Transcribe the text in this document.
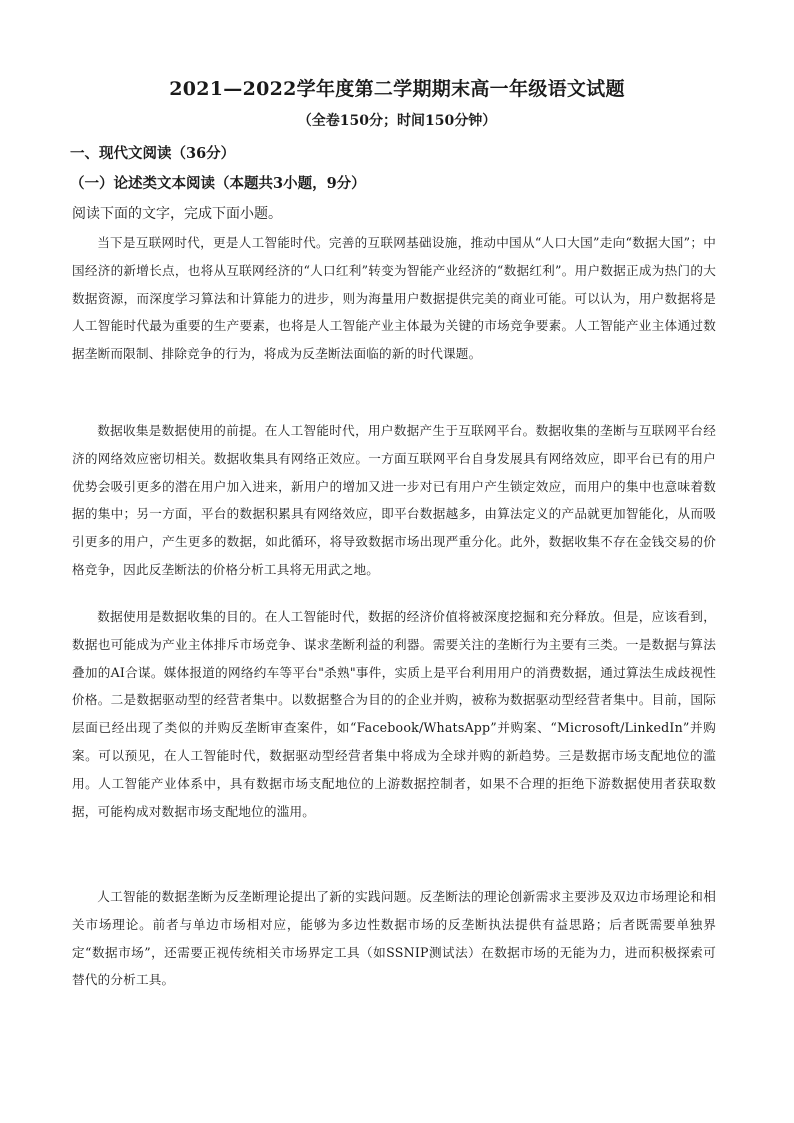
2021—2022学年度第二学期期末高一年级语文试题
（全卷150分；时间150分钟）
一、现代文阅读（36分）
（一）论述类文本阅读（本题共3小题，9分）
阅读下面的文字，完成下面小题。
当下是互联网时代，更是人工智能时代。完善的互联网基础设施，推动中国从“人口大国”走向“数据大国”；中国经济的新增长点，也将从互联网经济的“人口红利”转变为智能产业经济的“数据红利”。用户数据正成为热门的大数据资源，而深度学习算法和计算能力的进步，则为海量用户数据提供完美的商业可能。可以认为，用户数据将是人工智能时代最为重要的生产要素，也将是人工智能产业主体最为关键的市场竞争要素。人工智能产业主体通过数据垄断而限制、排除竞争的行为，将成为反垄断法面临的新的时代课题。
数据收集是数据使用的前提。在人工智能时代，用户数据产生于互联网平台。数据收集的垄断与互联网平台经济的网络效应密切相关。数据收集具有网络正效应。一方面互联网平台自身发展具有网络效应，即平台已有的用户优势会吸引更多的潜在用户加入进来，新用户的增加又进一步对已有用户产生锁定效应，而用户的集中也意味着数据的集中；另一方面，平台的数据积累具有网络效应，即平台数据越多，由算法定义的产品就更加智能化，从而吸引更多的用户，产生更多的数据，如此循环，将导致数据市场出现严重分化。此外，数据收集不存在金钱交易的价格竞争，因此反垄断法的价格分析工具将无用武之地。
数据使用是数据收集的目的。在人工智能时代，数据的经济价值将被深度挖掘和充分释放。但是，应该看到，数据也可能成为产业主体排斥市场竞争、谋求垄断利益的利器。需要关注的垄断行为主要有三类。一是数据与算法叠加的AI合谋。媒体报道的网络约车等平台"杀熟"事件，实质上是平台利用用户的消费数据，通过算法生成歧视性价格。二是数据驱动型的经营者集中。以数据整合为目的的企业并购，被称为数据驱动型经营者集中。目前，国际层面已经出现了类似的并购反垄断审查案件，如“Facebook/WhatsApp”并购案、“Microsoft/LinkedIn”并购案。可以预见，在人工智能时代，数据驱动型经营者集中将成为全球并购的新趋势。三是数据市场支配地位的滥用。人工智能产业体系中，具有数据市场支配地位的上游数据控制者，如果不合理的拒绝下游数据使用者获取数据，可能构成对数据市场支配地位的滥用。
人工智能的数据垄断为反垄断理论提出了新的实践问题。反垄断法的理论创新需求主要涉及双边市场理论和相关市场理论。前者与单边市场相对应，能够为多边性数据市场的反垄断执法提供有益思路；后者既需要单独界定“数据市场”，还需要正视传统相关市场界定工具（如SSNIP测试法）在数据市场的无能为力，进而积极探索可替代的分析工具。
